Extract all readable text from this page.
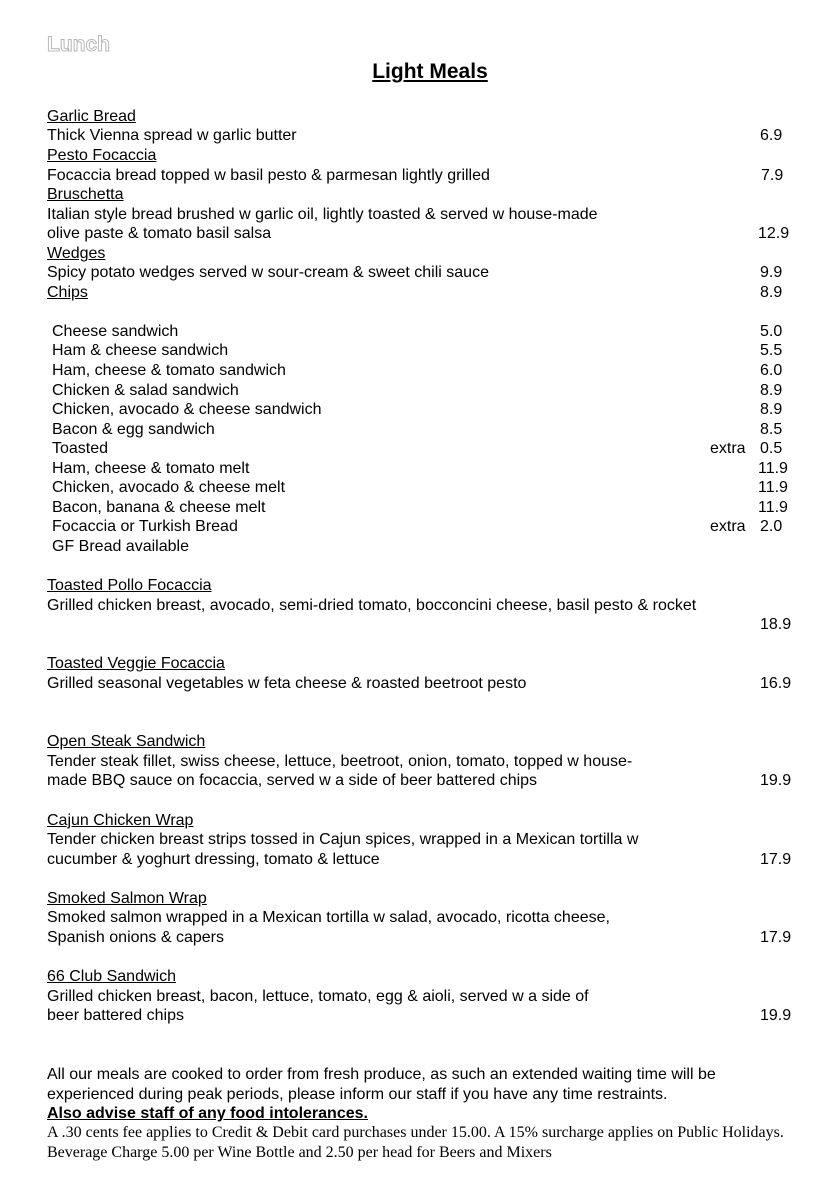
Lunch
Light Meals
Garlic Bread
Thick Vienna spread w garlic butter	6.9
Pesto Focaccia
Focaccia bread topped w basil pesto & parmesan lightly grilled	7.9
Bruschetta
Italian style bread brushed w garlic oil, lightly toasted & served w house-made
olive paste & tomato basil salsa	12.9
Wedges
Spicy potato wedges served w sour-cream & sweet chili sauce	9.9
Chips	8.9
Cheese sandwich	5.0
Ham & cheese sandwich	5.5
Ham, cheese & tomato sandwich	6.0
Chicken & salad sandwich	8.9
Chicken, avocado & cheese sandwich	8.9
Bacon & egg sandwich	8.5
Toasted	extra 0.5
Ham, cheese & tomato melt	11.9
Chicken, avocado & cheese melt	11.9
Bacon, banana & cheese melt	11.9
Focaccia or Turkish Bread	extra 2.0
GF Bread available
Toasted Pollo Focaccia
Grilled chicken breast, avocado, semi-dried tomato, bocconcini cheese, basil pesto & rocket
18.9
Toasted Veggie Focaccia
Grilled seasonal vegetables w feta cheese & roasted beetroot pesto	16.9
Open Steak Sandwich
Tender steak fillet, swiss cheese, lettuce, beetroot, onion, tomato, topped w house-
made BBQ sauce on focaccia, served w a side of beer battered chips	19.9
Cajun Chicken Wrap
Tender chicken breast strips tossed in Cajun spices, wrapped in a Mexican tortilla w
cucumber & yoghurt dressing, tomato & lettuce	17.9
Smoked Salmon Wrap
Smoked salmon wrapped in a Mexican tortilla w salad, avocado, ricotta cheese,
Spanish onions & capers	17.9
66 Club Sandwich
Grilled chicken breast, bacon, lettuce, tomato, egg & aioli, served w a side of
beer battered chips	19.9
All our meals are cooked to order from fresh produce, as such an extended waiting time will be experienced during peak periods, please inform our staff if you have any time restraints.
Also advise staff of any food intolerances.
A .30 cents fee applies to Credit & Debit card purchases under 15.00. A 15% surcharge applies on Public Holidays. Beverage Charge 5.00 per Wine Bottle and 2.50 per head for Beers and Mixers
